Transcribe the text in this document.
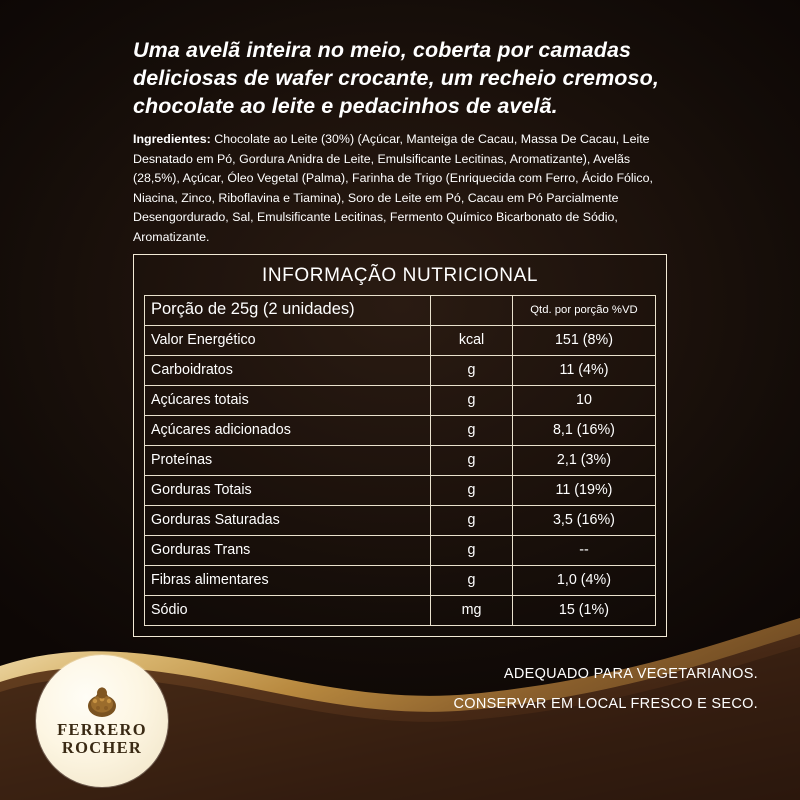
Uma avelã inteira no meio, coberta por camadas deliciosas de wafer crocante, um recheio cremoso, chocolate ao leite e pedacinhos de avelã.
Ingredientes: Chocolate ao Leite (30%) (Açúcar, Manteiga de Cacau, Massa De Cacau, Leite Desnatado em Pó, Gordura Anidra de Leite, Emulsificante Lecitinas, Aromatizante), Avelãs (28,5%), Açúcar, Óleo Vegetal (Palma), Farinha de Trigo (Enriquecida com Ferro, Ácido Fólico, Niacina, Zinco, Riboflavina e Tiamina), Soro de Leite em Pó, Cacau em Pó Parcialmente Desengordurado, Sal, Emulsificante Lecitinas, Fermento Químico Bicarbonato de Sódio, Aromatizante.
INFORMAÇÃO NUTRICIONAL
Porção de 25g (2 unidades)		Qtd. por porção %VD
Valor Energético	kcal	151 (8%)
Carboidratos	g	11 (4%)
Açúcares totais	g	10
Açúcares adicionados	g	8,1 (16%)
Proteínas	g	2,1 (3%)
Gorduras Totais	g	11 (19%)
Gorduras Saturadas	g	3,5 (16%)
Gorduras Trans	g	--
Fibras alimentares	g	1,0 (4%)
Sódio	mg	15 (1%)
ADEQUADO PARA VEGETARIANOS.
CONSERVAR EM LOCAL FRESCO E SECO.
FERRERO
ROCHER
